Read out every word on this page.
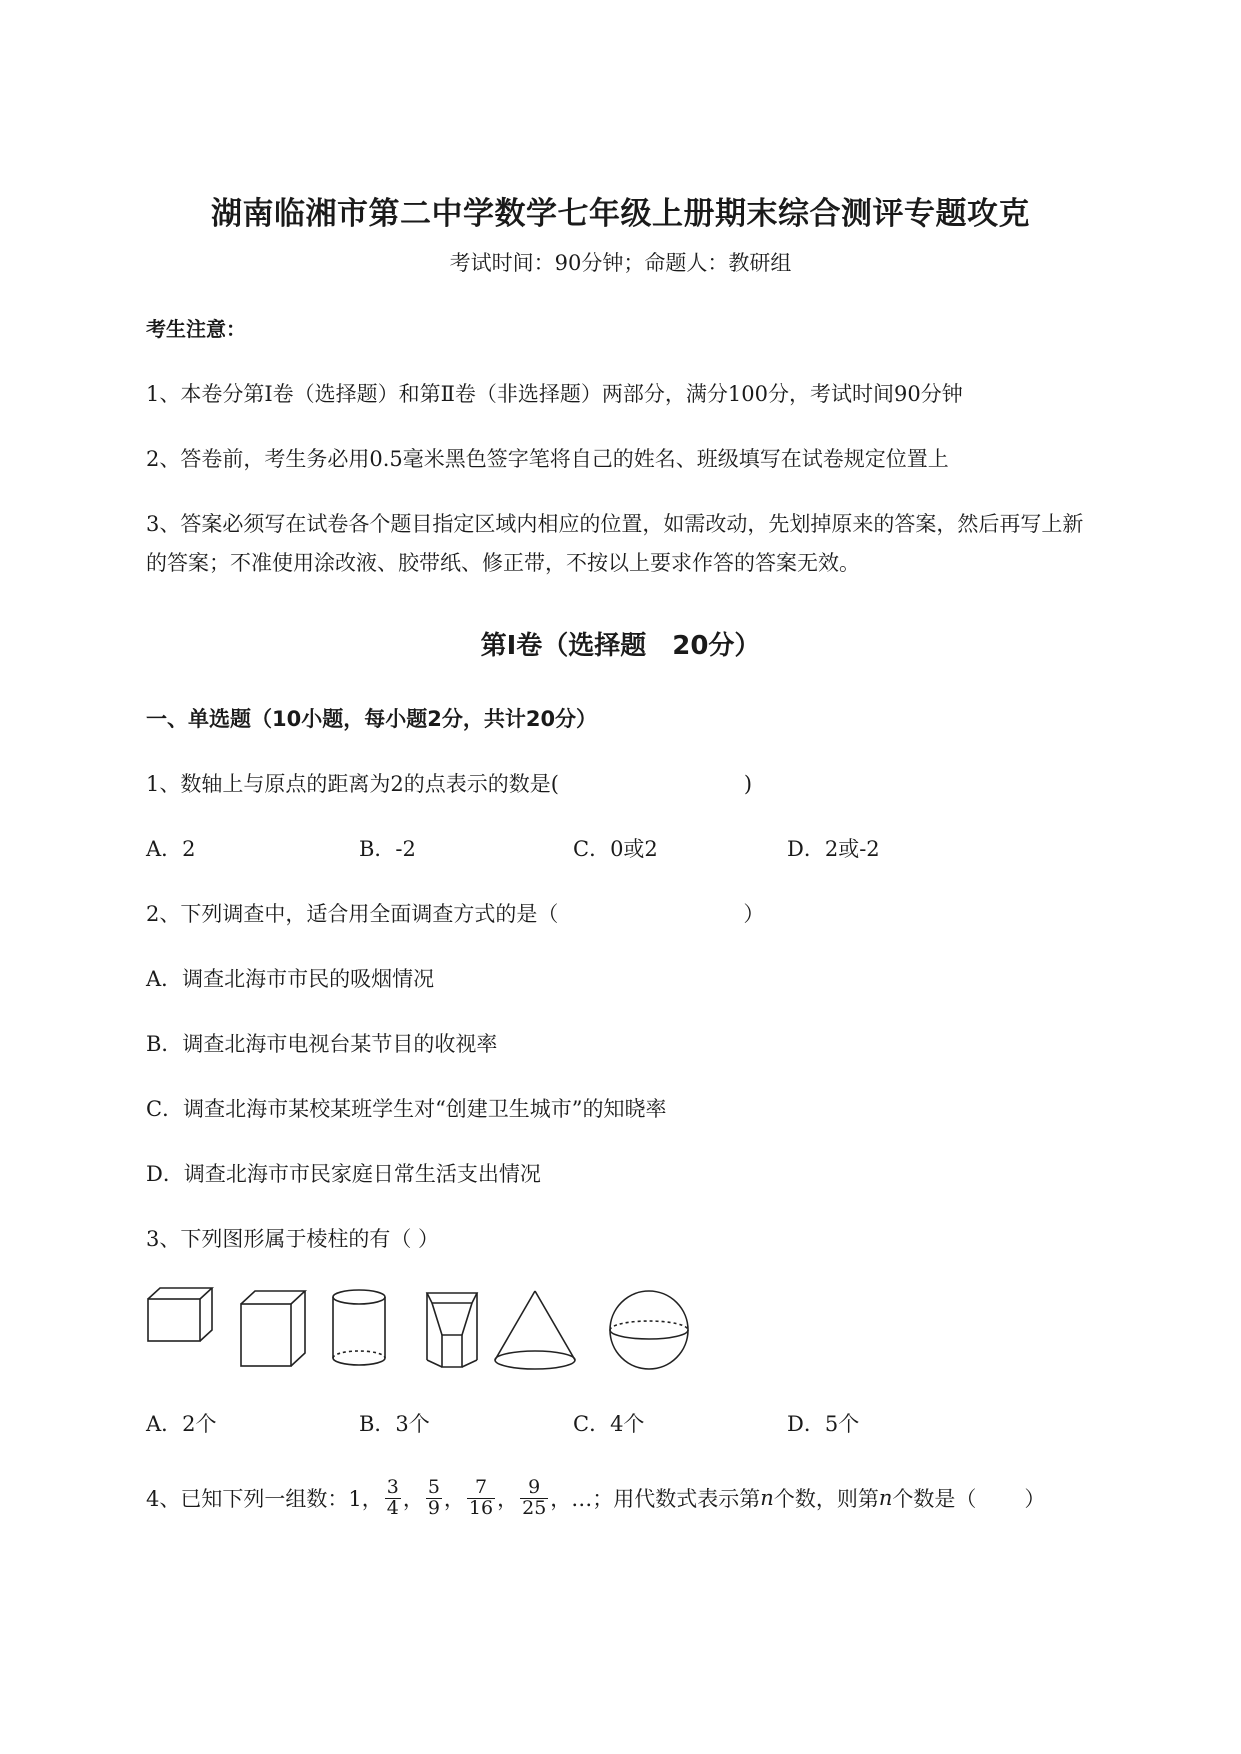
湖南临湘市第二中学数学七年级上册期末综合测评专题攻克
考试时间：90分钟；命题人：教研组
考生注意：
1、本卷分第Ⅰ卷（选择题）和第Ⅱ卷（非选择题）两部分，满分100分，考试时间90分钟
2、答卷前，考生务必用0.5毫米黑色签字笔将自己的姓名、班级填写在试卷规定位置上
3、答案必须写在试卷各个题目指定区域内相应的位置，如需改动，先划掉原来的答案，然后再写上新
的答案；不准使用涂改液、胶带纸、修正带，不按以上要求作答的答案无效。
第Ⅰ卷（选择题　20分）
一、单选题（10小题，每小题2分，共计20分）
1、数轴上与原点的距离为2的点表示的数是(	)
A．2	B．-2	C．0或2	D．2或-2
2、下列调查中，适合用全面调查方式的是（	）
A．调查北海市市民的吸烟情况
B．调查北海市电视台某节目的收视率
C．调查北海市某校某班学生对“创建卫生城市”的知晓率
D．调查北海市市民家庭日常生活支出情况
3、下列图形属于棱柱的有（ ）
A．2个	B．3个	C．4个	D．5个
4、已知下列一组数：1， $\frac{3}{4}$ ， $\frac{5}{9}$ ， $\frac{7}{16}$ ， $\frac{9}{25}$ ， …；用代数式表示第 n 个数，则第 n 个数是（ ）
